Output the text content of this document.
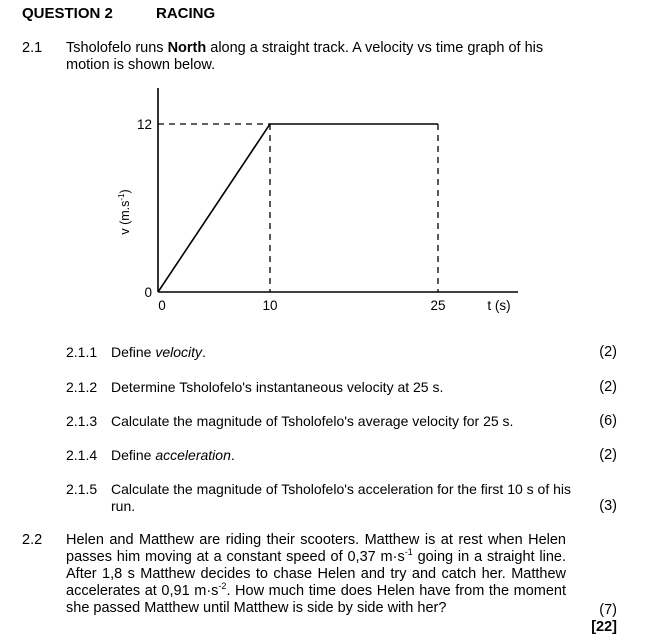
QUESTION 2	RACING
2.1 Tsholofelo runs North along a straight track. A velocity vs time graph of his motion is shown below.
0	10	25
0
12
v $(m.s^{-1})$
t (s)
2.1.1 Define velocity.	(2)
2.1.2 Determine Tsholofelo's instantaneous velocity at 25 s.	(2)
2.1.3 Calculate the magnitude of Tsholofelo's average velocity for 25 s.	(6)
2.1.4 Define acceleration.	(2)
2.1.5 Calculate the magnitude of Tsholofelo's acceleration for the first 10 s of his run.	(3)
2.2 Helen and Matthew are riding their scooters. Matthew is at rest when Helen passes him moving at a constant speed of 0,37 $m\cdot s^{-1}$ going in a straight line. After 1,8 s Matthew decides to chase Helen and try and catch her. Matthew accelerates at 0,91 $m\cdot s^{-2}$. How much time does Helen have from the moment she passed Matthew until Matthew is side by side with her?	(7)
[22]
